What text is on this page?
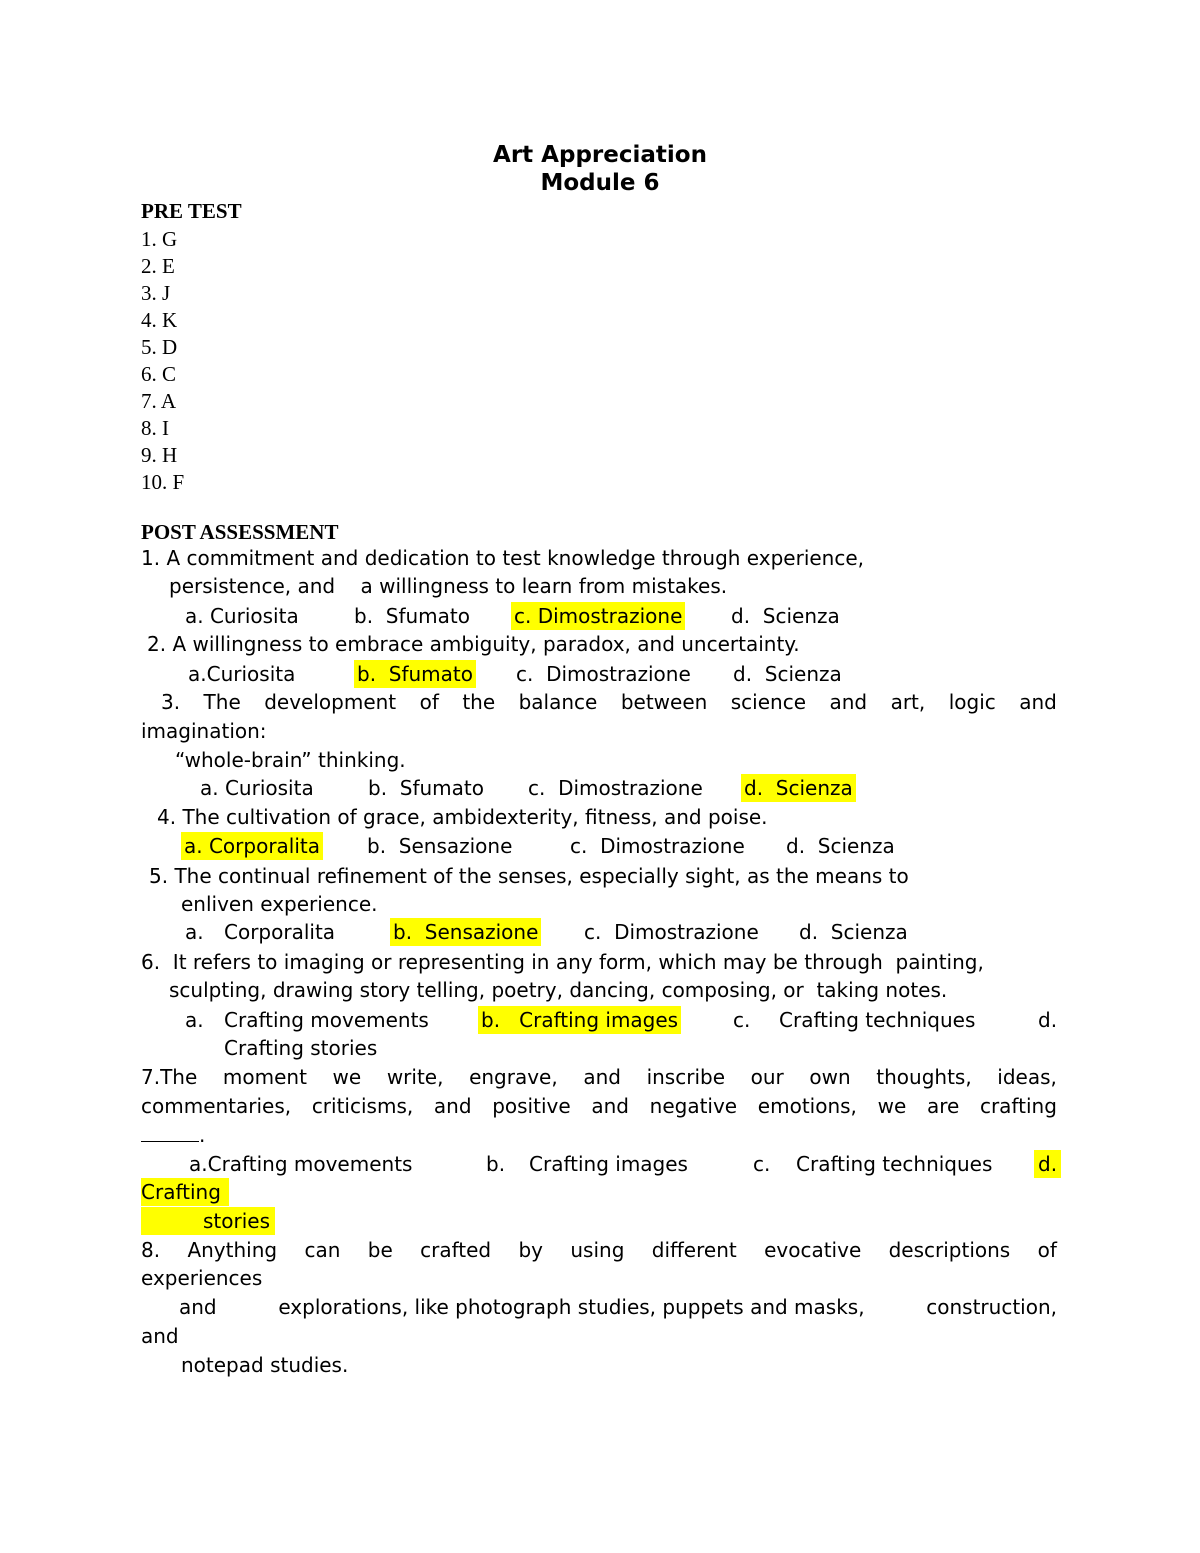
Art Appreciation
Module 6
PRE TEST
1. G
2. E
3. J
4. K
5. D
6. C
7. A
8. I
9. H
10. F
POST ASSESSMENT
1. A commitment and dedication to test knowledge through experience,
persistence, and    a willingness to learn from mistakes.
a. Curiosita	b.  Sfumato c. Dimostrazione d.  Scienza
2. A willingness to embrace ambiguity, paradox, and uncertainty.
a.Curiosita	b.  Sfumato c.  Dimostrazione d.  Scienza
3. The development of the balance between science and art, logic and
imagination:
“whole-brain” thinking.
a. Curiosita	b.  Sfumato c.  Dimostrazione d.  Scienza
4. The cultivation of grace, ambidexterity, fitness, and poise.
a. Corporalita b.  Sensazione	c.  Dimostrazione d.  Scienza
5. The continual refinement of the senses, especially sight, as the means to
enliven experience.
a. Corporalita	b.  Sensazione c.  Dimostrazione d.  Scienza
6.  It refers to imaging or representing in any form, which may be through  painting,
sculpting, drawing story telling, poetry, dancing, composing, or  taking notes.
a. Crafting movements	b.   Crafting images	c. Crafting techniques	d.
Crafting stories
7.The moment we write, engrave, and inscribe our own thoughts, ideas,
commentaries, criticisms, and positive and negative emotions, we are crafting
.
a.Crafting movements	b. Crafting images	c. Crafting techniques d.
Crafting
stories
8. Anything can be crafted by using different evocative descriptions of
experiences
and	explorations, like photograph studies, puppets and masks,	construction,
and
notepad studies.
